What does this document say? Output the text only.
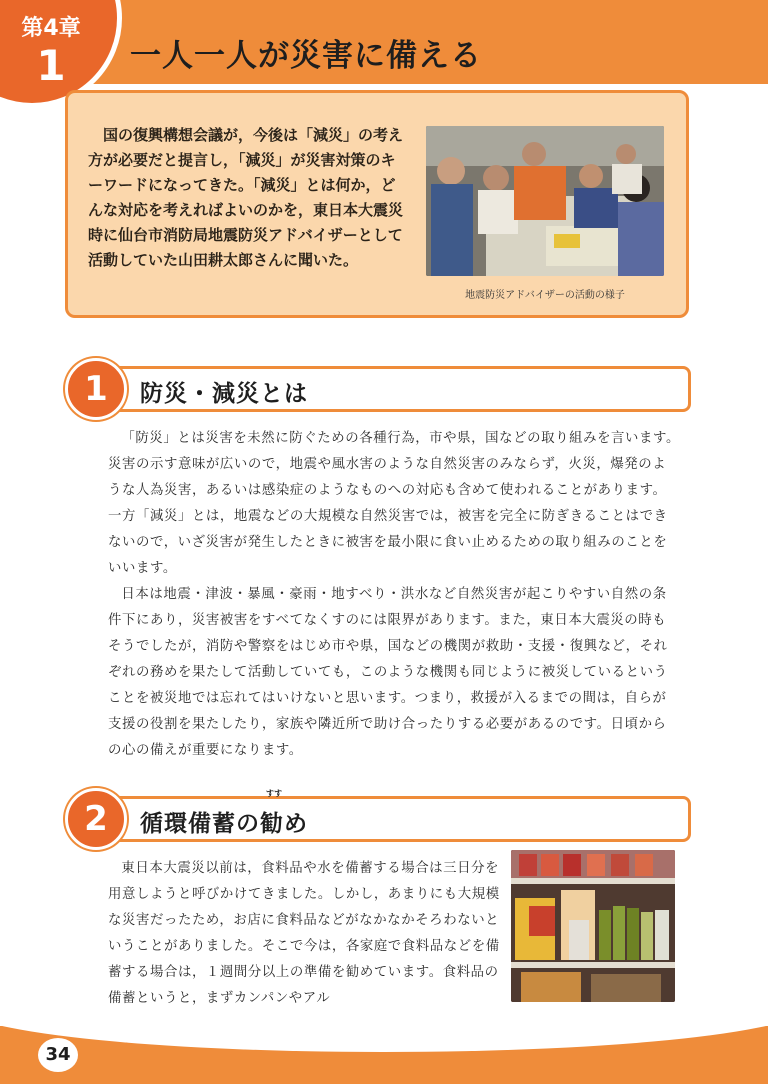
第4章
1	一人一人が災害に備える
国の復興構想会議が，今後は「減災」の考え方が必要だと提言し，「減災」が災害対策のキーワードになってきた。「減災」とは何か，どんな対応を考えればよいのかを，東日本大震災時に仙台市消防局地震防災アドバイザーとして活動していた山田耕太郎さんに聞いた。
地震防災アドバイザーの活動の様子
1	防災・減災とは

「防災」とは災害を未然に防ぐための各種行為，市や県，国などの取り組みを言います。災害の示す意味が広いので，地震や風水害のような自然災害のみならず，火災，爆発のような人為災害，あるいは感染症のようなものへの対応も含めて使われることがあります。一方「減災」とは，地震などの大規模な自然災害では，被害を完全に防ぎきることはできないので，いざ災害が発生したときに被害を最小限に食い止めるための取り組みのことをいいます。

日本は地震・津波・暴風・豪雨・地すべり・洪水など自然災害が起こりやすい自然の条件下にあり，災害被害をすべてなくすのには限界があります。また，東日本大震災の時もそうでしたが，消防や警察をはじめ市や県，国などの機関が救助・支援・復興など，それぞれの務めを果たして活動していても，このような機関も同じように被災しているということを被災地では忘れてはいけないと思います。つまり，救援が入るまでの間は，自らが支援の役割を果たしたり，家族や隣近所で助け合ったりする必要があるのです。日頃からの心の備えが重要になります。

2
すす
循環備蓄の勧め

東日本大震災以前は，食料品や水を備蓄する場合は三日分を用意しようと呼びかけてきました。しかし，あまりにも大規模な災害だったため，お店に食料品などがなかなかそろわないということがありました。そこで今は，各家庭で食料品などを備蓄する場合は，１週間分以上の準備を勧めています。食料品の備蓄というと，まずカンパンやアル

34
